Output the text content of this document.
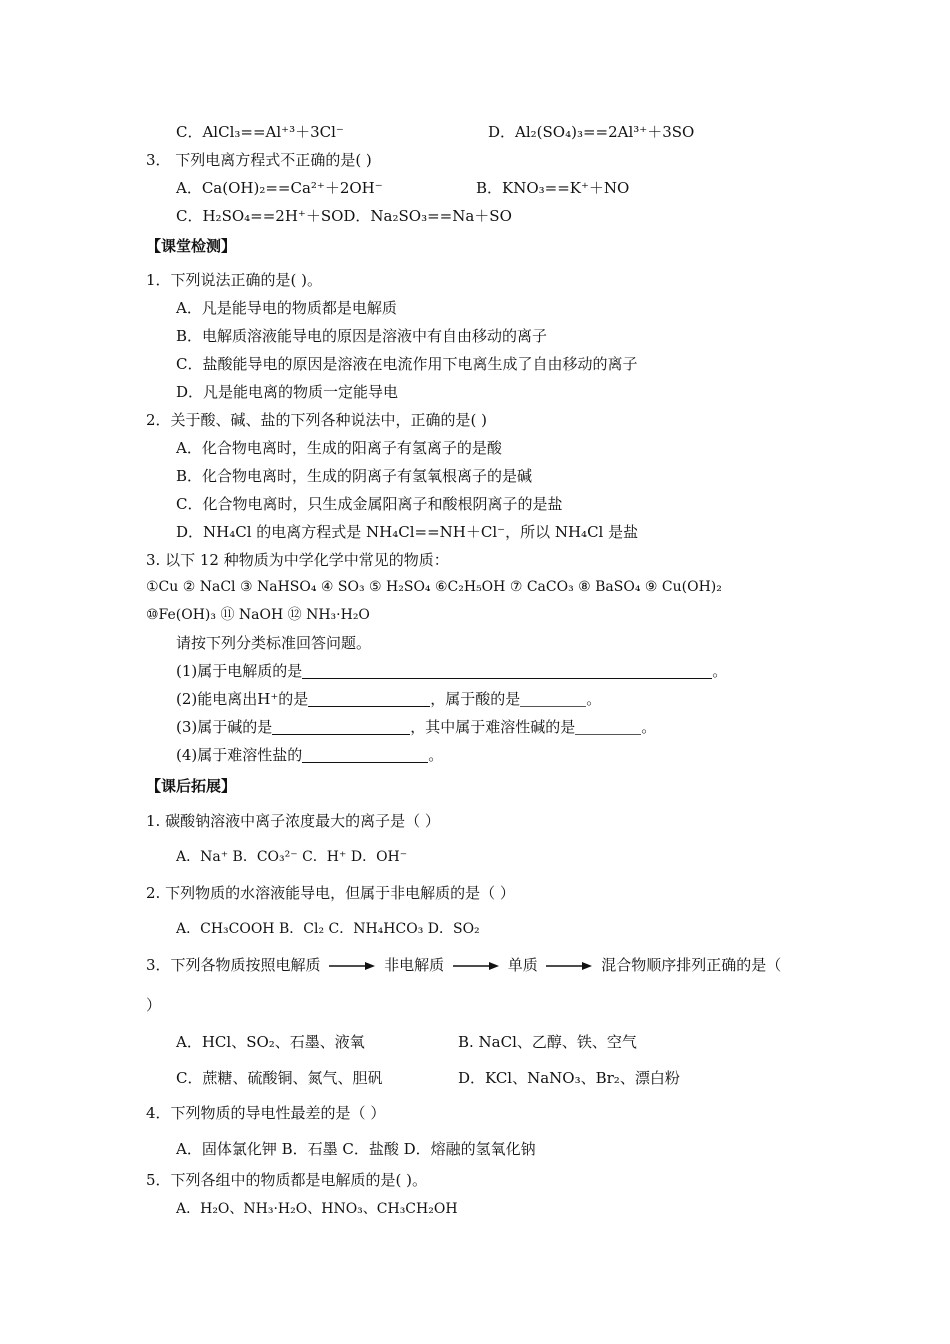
C．AlCl₃==Al⁺³＋3Cl⁻	D．Al₂(SO₄)₃==2Al³⁺＋3SO
3． 下列电离方程式不正确的是( )
A．Ca(OH)₂==Ca²⁺＋2OH⁻	B．KNO₃==K⁺＋NO
C．H₂SO₄==2H⁺＋SOD．Na₂SO₃==Na＋SO
【课堂检测】
1．下列说法正确的是( )。
A．凡是能导电的物质都是电解质
B．电解质溶液能导电的原因是溶液中有自由移动的离子
C．盐酸能导电的原因是溶液在电流作用下电离生成了自由移动的离子
D．凡是能电离的物质一定能导电
2．关于酸、碱、盐的下列各种说法中，正确的是( )
A．化合物电离时，生成的阳离子有氢离子的是酸
B．化合物电离时，生成的阴离子有氢氧根离子的是碱
C．化合物电离时，只生成金属阳离子和酸根阴离子的是盐
D．NH₄Cl 的电离方程式是 NH₄Cl==NH＋Cl⁻，所以 NH₄Cl 是盐
3. 以下 12 种物质为中学化学中常见的物质：
①Cu ② NaCl ③ NaHSO₄ ④ SO₃ ⑤ H₂SO₄ ⑥C₂H₅OH ⑦ CaCO₃ ⑧ BaSO₄ ⑨ Cu(OH)₂
⑩Fe(OH)₃ ⑪ NaOH ⑫ NH₃·H₂O
请按下列分类标准回答问题。
(1)属于电解质的是	。
(2)能电离出H⁺的是	，属于酸的是	。
(3)属于碱的是	，其中属于难溶性碱的是	。
(4)属于难溶性盐的	。
【课后拓展】
1. 碳酸钠溶液中离子浓度最大的离子是（ ）
A．Na⁺ B．CO₃²⁻ C．H⁺ D．OH⁻
2. 下列物质的水溶液能导电，但属于非电解质的是（ ）
A．CH₃COOH B．Cl₂ C．NH₄HCO₃ D．SO₂
3．下列各物质按照电解质	非电解质	单质	混合物顺序排列正确的是（
）
A．HCl、SO₂、石墨、液氧	B. NaCl、乙醇、铁、空气
C．蔗糖、硫酸铜、氮气、胆矾	D．KCl、NaNO₃、Br₂、漂白粉
4．下列物质的导电性最差的是（ ）
A．固体氯化钾 B．石墨 C．盐酸 D．熔融的氢氧化钠
5．下列各组中的物质都是电解质的是( )。
A．H₂O、NH₃·H₂O、HNO₃、CH₃CH₂OH
